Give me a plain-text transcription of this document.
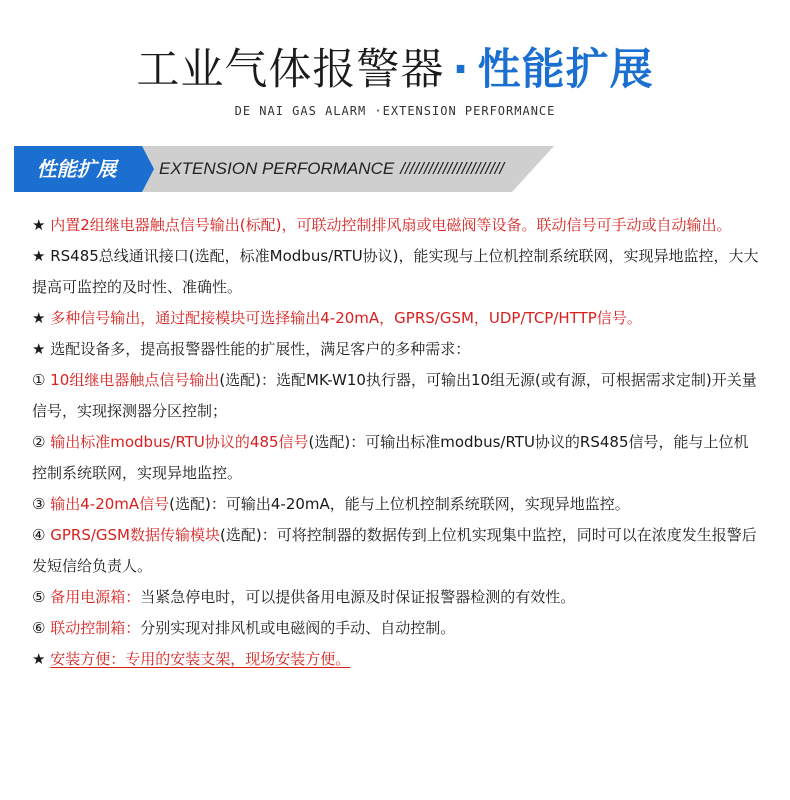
工业气体报警器 · 性能扩展
DE NAI GAS ALARM ·EXTENSION PERFORMANCE
性能扩展	EXTENSION PERFORMANCE //////////////////////

★ 内置2组继电器触点信号输出(标配)，可联动控制排风扇或电磁阀等设备。联动信号可手动或自动输出。

★ RS485总线通讯接口(选配，标准Modbus/RTU协议)，能实现与上位机控制系统联网，实现异地监控，大大提高可监控的及时性、准确性。

★ 多种信号输出，通过配接模块可选择输出4-20mA，GPRS/GSM，UDP/TCP/HTTP信号。

★ 选配设备多，提高报警器性能的扩展性，满足客户的多种需求：

① 10组继电器触点信号输出(选配)：选配MK-W10执行器，可输出10组无源(或有源，可根据需求定制)开关量信号，实现探测器分区控制；

② 输出标准modbus/RTU协议的485信号(选配)：可输出标准modbus/RTU协议的RS485信号，能与上位机控制系统联网，实现异地监控。

③ 输出4-20mA信号(选配)：可输出4-20mA，能与上位机控制系统联网，实现异地监控。

④ GPRS/GSM数据传输模块(选配)：可将控制器的数据传到上位机实现集中监控，同时可以在浓度发生报警后发短信给负责人。

⑤ 备用电源箱：当紧急停电时，可以提供备用电源及时保证报警器检测的有效性。

⑥ 联动控制箱：分别实现对排风机或电磁阀的手动、自动控制。

★ 安装方便：专用的安装支架，现场安装方便。
